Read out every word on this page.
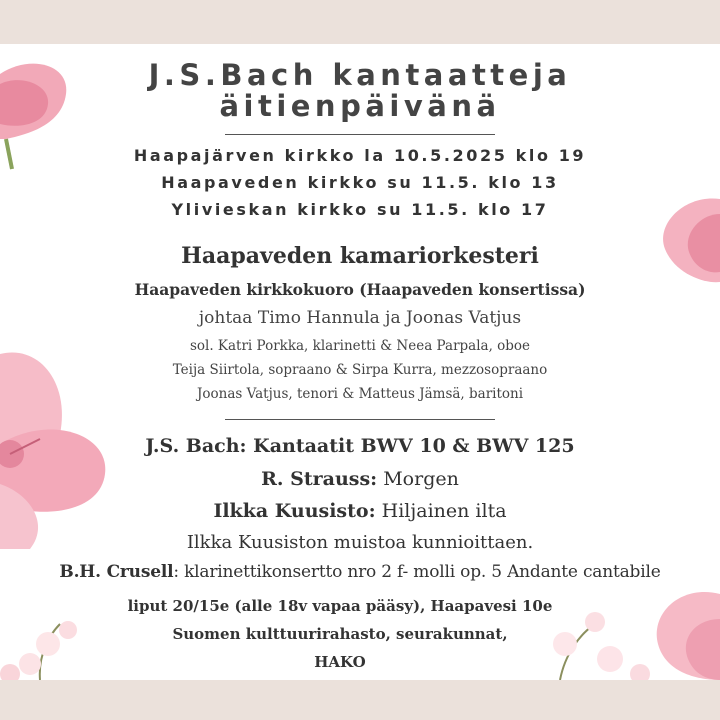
J.S.Bach kantaatteja
äitienpäivänä
Haapajärven kirkko la 10.5.2025 klo 19
Haapaveden kirkko su 11.5. klo 13
Ylivieskan kirkko su 11.5. klo 17
Haapaveden kamariorkesteri
Haapaveden kirkkokuoro (Haapaveden konsertissa)
johtaa Timo Hannula ja Joonas Vatjus
sol. Katri Porkka, klarinetti & Neea Parpala, oboe
Teija Siirtola, sopraano & Sirpa Kurra, mezzosopraano
Joonas Vatjus, tenori & Matteus Jämsä, baritoni
J.S. Bach: Kantaatit BWV 10 & BWV 125
R. Strauss: Morgen
Ilkka Kuusisto: Hiljainen ilta
Ilkka Kuusiston muistoa kunnioittaen.
B.H. Crusell: klarinettikonsertto nro 2 f- molli op. 5 Andante cantabile
liput 20/15e (alle 18v vapaa pääsy), Haapavesi 10e
Suomen kulttuurirahasto, seurakunnat,
HAKO
